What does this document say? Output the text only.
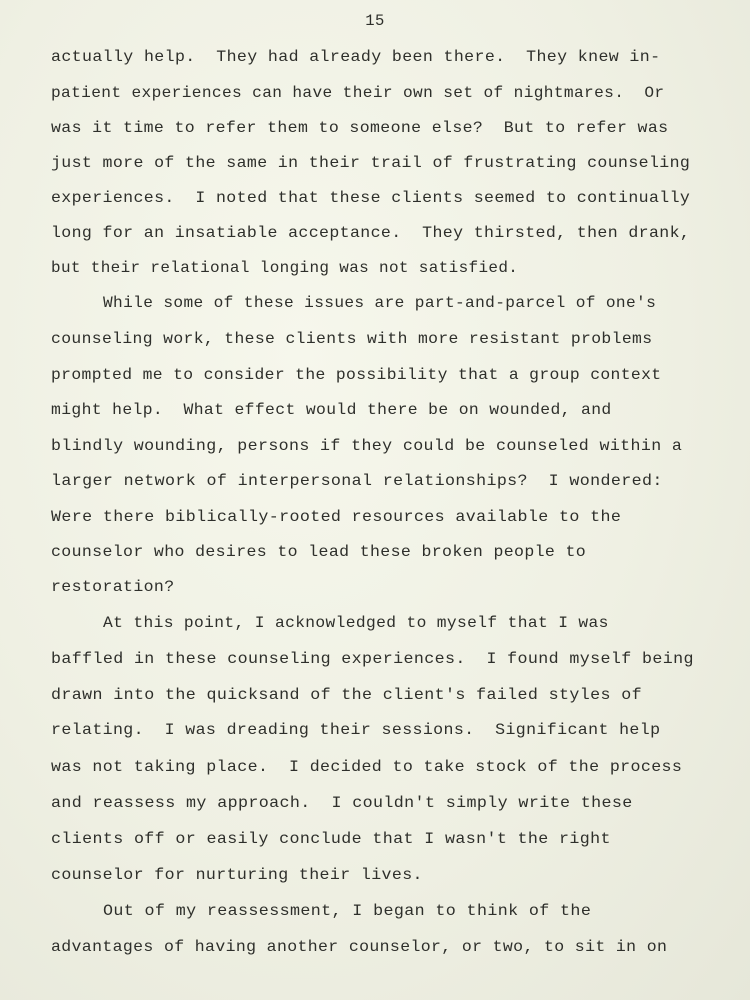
15
actually help.  They had already been there.  They knew in-
patient experiences can have their own set of nightmares.  Or
was it time to refer them to someone else?  But to refer was
just more of the same in their trail of frustrating counseling
experiences.  I noted that these clients seemed to continually
long for an insatiable acceptance.  They thirsted, then drank,
but their relational longing was not satisfied.
While some of these issues are part-and-parcel of one's
counseling work, these clients with more resistant problems
prompted me to consider the possibility that a group context
might help.  What effect would there be on wounded, and
blindly wounding, persons if they could be counseled within a
larger network of interpersonal relationships?  I wondered:
Were there biblically-rooted resources available to the
counselor who desires to lead these broken people to
restoration?
At this point, I acknowledged to myself that I was
baffled in these counseling experiences.  I found myself being
drawn into the quicksand of the client's failed styles of
relating.  I was dreading their sessions.  Significant help
was not taking place.  I decided to take stock of the process
and reassess my approach.  I couldn't simply write these
clients off or easily conclude that I wasn't the right
counselor for nurturing their lives.
Out of my reassessment, I began to think of the
advantages of having another counselor, or two, to sit in on
